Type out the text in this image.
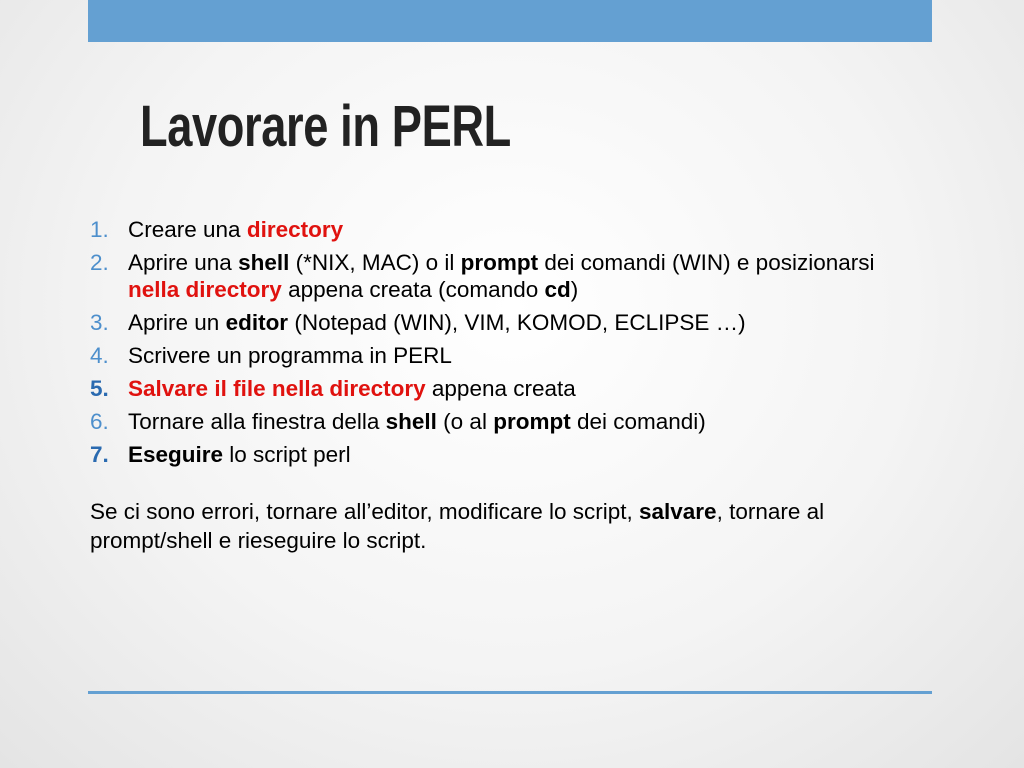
Lavorare in PERL
1. Creare una directory
2. Aprire una shell (*NIX, MAC) o il prompt dei comandi (WIN) e posizionarsi nella directory appena creata (comando cd)
3. Aprire un editor (Notepad (WIN), VIM, KOMOD, ECLIPSE …)
4. Scrivere un programma in PERL
5. Salvare il file nella directory appena creata
6. Tornare alla finestra della shell (o al prompt dei comandi)
7. Eseguire lo script perl

Se ci sono errori, tornare all’editor, modificare lo script, salvare, tornare al prompt/shell e rieseguire lo script.
